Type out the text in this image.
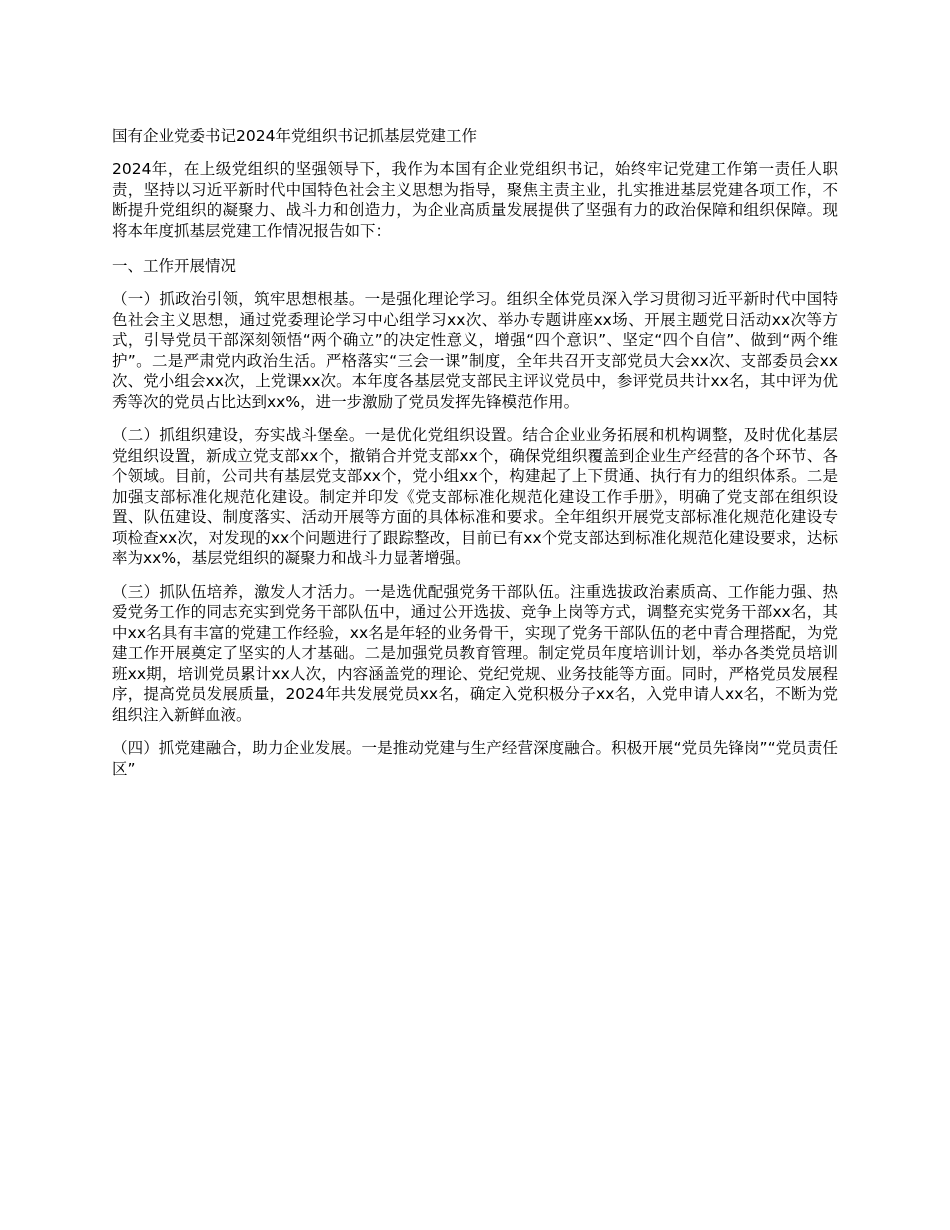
国有企业党委书记2024年党组织书记抓基层党建工作

2024年，在上级党组织的坚强领导下，我作为本国有企业党组织书记，始终牢记党建工作第一责任人职责，坚持以习近平新时代中国特色社会主义思想为指导，聚焦主责主业，扎实推进基层党建各项工作，不断提升党组织的凝聚力、战斗力和创造力，为企业高质量发展提供了坚强有力的政治保障和组织保障。现将本年度抓基层党建工作情况报告如下：

一、工作开展情况

（一）抓政治引领，筑牢思想根基。一是强化理论学习。组织全体党员深入学习贯彻习近平新时代中国特色社会主义思想，通过党委理论学习中心组学习xx次、举办专题讲座xx场、开展主题党日活动xx次等方式，引导党员干部深刻领悟“两个确立”的决定性意义，增强“四个意识”、坚定“四个自信”、做到“两个维护”。二是严肃党内政治生活。严格落实“三会一课”制度，全年共召开支部党员大会xx次、支部委员会xx次、党小组会xx次，上党课xx次。本年度各基层党支部民主评议党员中，参评党员共计xx名，其中评为优秀等次的党员占比达到xx%，进一步激励了党员发挥先锋模范作用。

（二）抓组织建设，夯实战斗堡垒。一是优化党组织设置。结合企业业务拓展和机构调整，及时优化基层党组织设置，新成立党支部xx个，撤销合并党支部xx个，确保党组织覆盖到企业生产经营的各个环节、各个领域。目前，公司共有基层党支部xx个，党小组xx个，构建起了上下贯通、执行有力的组织体系。二是加强支部标准化规范化建设。制定并印发《党支部标准化规范化建设工作手册》，明确了党支部在组织设置、队伍建设、制度落实、活动开展等方面的具体标准和要求。全年组织开展党支部标准化规范化建设专项检查xx次，对发现的xx个问题进行了跟踪整改，目前已有xx个党支部达到标准化规范化建设要求，达标率为xx%，基层党组织的凝聚力和战斗力显著增强。

（三）抓队伍培养，激发人才活力。一是选优配强党务干部队伍。注重选拔政治素质高、工作能力强、热爱党务工作的同志充实到党务干部队伍中，通过公开选拔、竞争上岗等方式，调整充实党务干部xx名，其中xx名具有丰富的党建工作经验，xx名是年轻的业务骨干，实现了党务干部队伍的老中青合理搭配，为党建工作开展奠定了坚实的人才基础。二是加强党员教育管理。制定党员年度培训计划，举办各类党员培训班xx期，培训党员累计xx人次，内容涵盖党的理论、党纪党规、业务技能等方面。同时，严格党员发展程序，提高党员发展质量，2024年共发展党员xx名，确定入党积极分子xx名，入党申请人xx名，不断为党组织注入新鲜血液。

（四）抓党建融合，助力企业发展。一是推动党建与生产经营深度融合。积极开展“党员先锋岗”“党员责任区”
